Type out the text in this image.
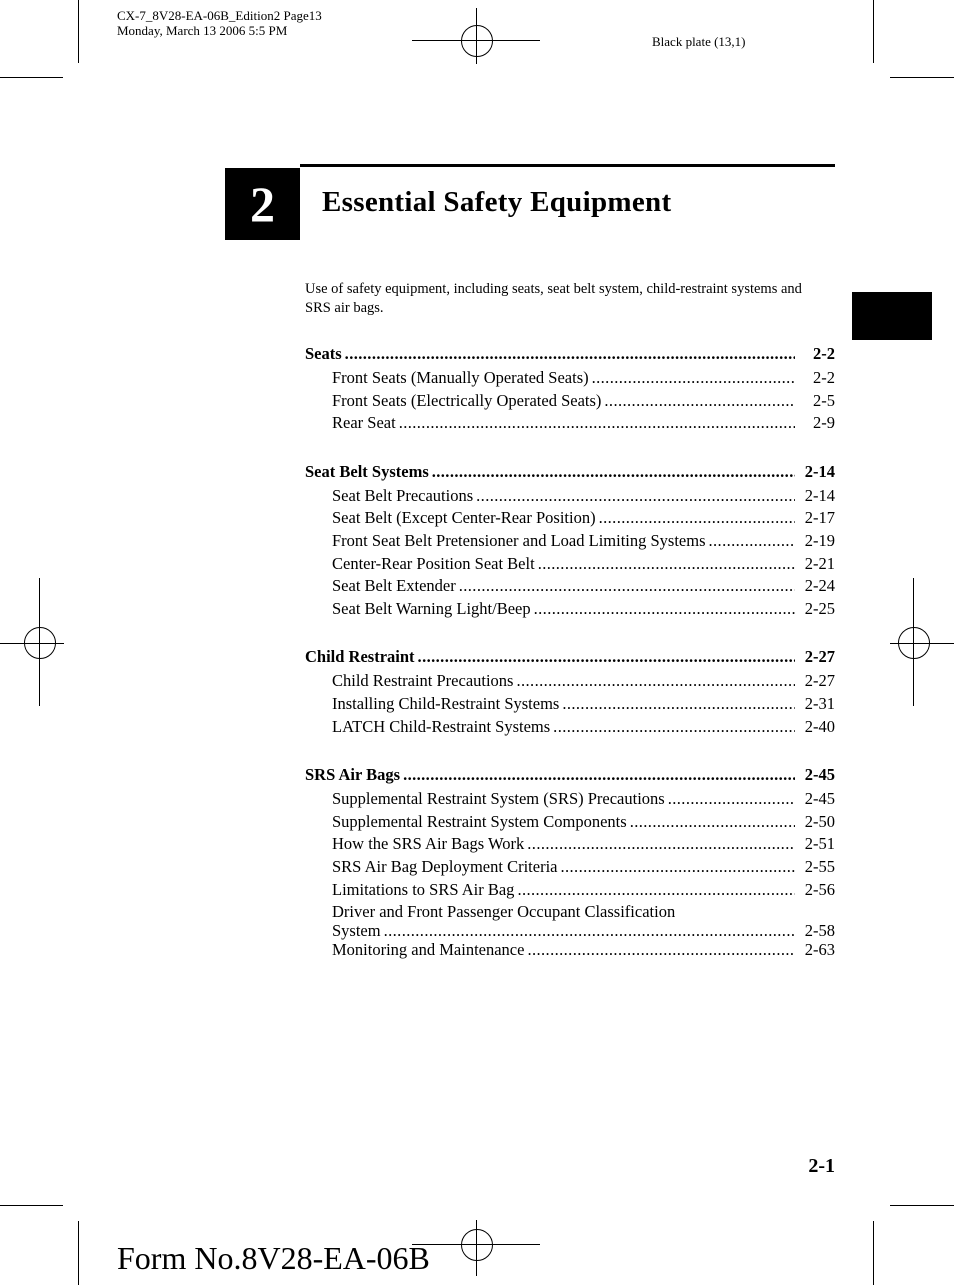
CX-7_8V28-EA-06B_Edition2 Page13
Monday, March 13 2006 5:5 PM
Black plate (13,1)
2 Essential Safety Equipment
Use of safety equipment, including seats, seat belt system, child-restraint systems and SRS air bags.
Seats .....	2-2
Front Seats (Manually Operated Seats) .....	2-2
Front Seats (Electrically Operated Seats) .....	2-5
Rear Seat .....	2-9
Seat Belt Systems .....	2-14
Seat Belt Precautions .....	2-14
Seat Belt (Except Center-Rear Position) .....	2-17
Front Seat Belt Pretensioner and Load Limiting Systems .....	2-19
Center-Rear Position Seat Belt .....	2-21
Seat Belt Extender .....	2-24
Seat Belt Warning Light/Beep .....	2-25
Child Restraint .....	2-27
Child Restraint Precautions .....	2-27
Installing Child-Restraint Systems .....	2-31
LATCH Child-Restraint Systems .....	2-40
SRS Air Bags .....	2-45
Supplemental Restraint System (SRS) Precautions .....	2-45
Supplemental Restraint System Components .....	2-50
How the SRS Air Bags Work .....	2-51
SRS Air Bag Deployment Criteria .....	2-55
Limitations to SRS Air Bag .....	2-56
Driver and Front Passenger Occupant Classification
System .....	2-58
Monitoring and Maintenance .....	2-63
2-1
Form No.8V28-EA-06B
